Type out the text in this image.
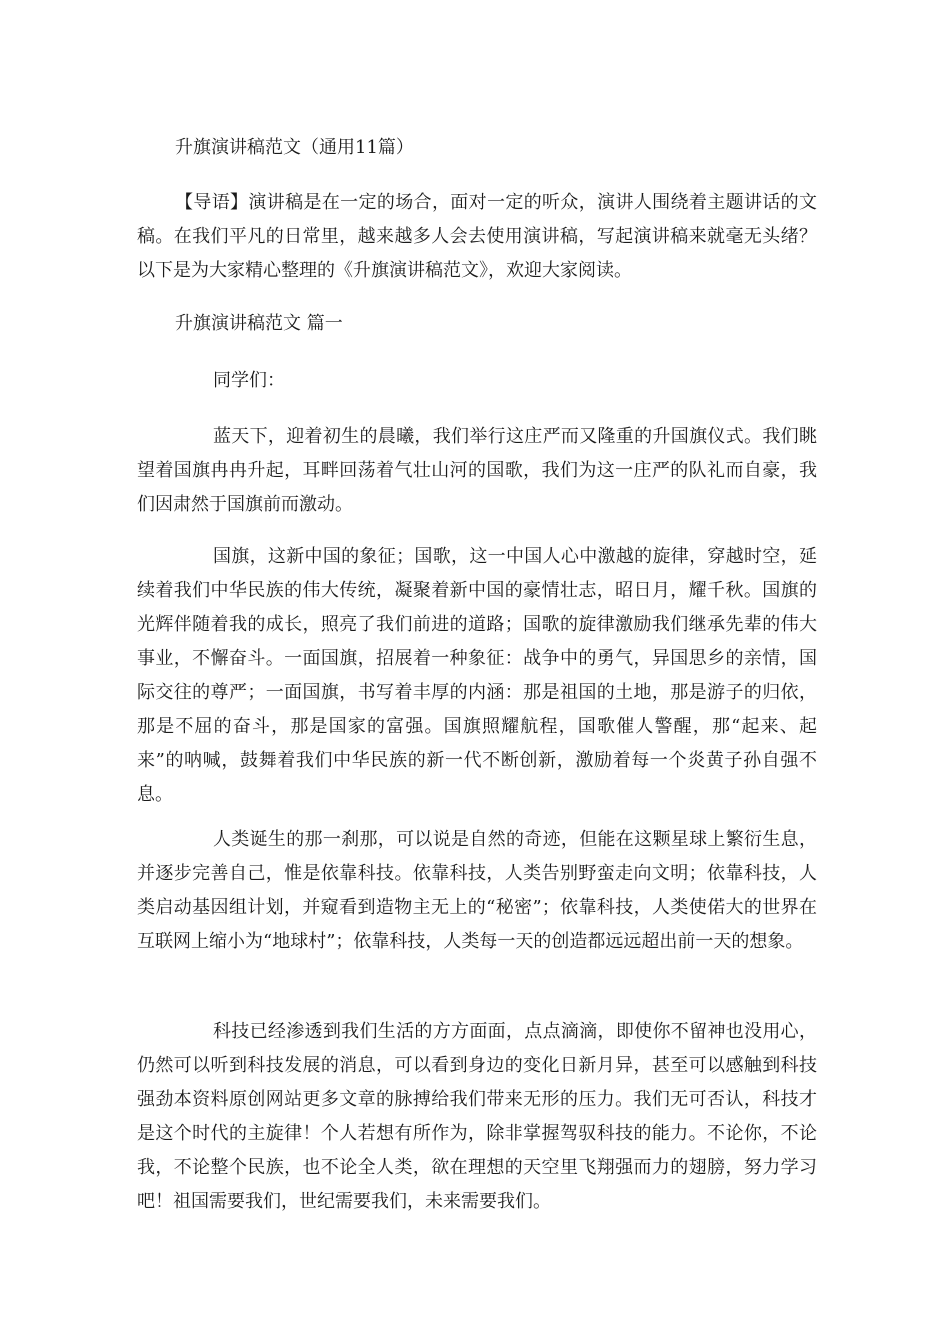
升旗演讲稿范文（通用11篇）

【导语】演讲稿是在一定的场合，面对一定的听众，演讲人围绕着主题讲话的文稿。在我们平凡的日常里，越来越多人会去使用演讲稿，写起演讲稿来就毫无头绪？以下是为大家精心整理的《升旗演讲稿范文》，欢迎大家阅读。

升旗演讲稿范文 篇一

同学们：

蓝天下，迎着初生的晨曦，我们举行这庄严而又隆重的升国旗仪式。我们眺望着国旗冉冉升起，耳畔回荡着气壮山河的国歌，我们为这一庄严的队礼而自豪，我们因肃然于国旗前而激动。

国旗，这新中国的象征；国歌，这一中国人心中激越的旋律，穿越时空，延续着我们中华民族的伟大传统，凝聚着新中国的豪情壮志，昭日月，耀千秋。国旗的光辉伴随着我的成长，照亮了我们前进的道路；国歌的旋律激励我们继承先辈的伟大事业，不懈奋斗。一面国旗，招展着一种象征：战争中的勇气，异国思乡的亲情，国际交往的尊严；一面国旗，书写着丰厚的内涵：那是祖国的土地，那是游子的归依，那是不屈的奋斗，那是国家的富强。国旗照耀航程，国歌催人警醒，那“起来、起来”的呐喊，鼓舞着我们中华民族的新一代不断创新，激励着每一个炎黄子孙自强不息。

人类诞生的那一刹那，可以说是自然的奇迹，但能在这颗星球上繁衍生息，并逐步完善自己，惟是依靠科技。依靠科技，人类告别野蛮走向文明；依靠科技，人类启动基因组计划，并窥看到造物主无上的“秘密”；依靠科技，人类使偌大的世界在互联网上缩小为“地球村”；依靠科技，人类每一天的创造都远远超出前一天的想象。

科技已经渗透到我们生活的方方面面，点点滴滴，即使你不留神也没用心，仍然可以听到科技发展的消息，可以看到身边的变化日新月异，甚至可以感触到科技强劲本资料原创网站更多文章的脉搏给我们带来无形的压力。我们无可否认，科技才是这个时代的主旋律！个人若想有所作为，除非掌握驾驭科技的能力。不论你，不论我，不论整个民族，也不论全人类，欲在理想的天空里飞翔强而力的翅膀，努力学习吧！祖国需要我们，世纪需要我们，未来需要我们。
